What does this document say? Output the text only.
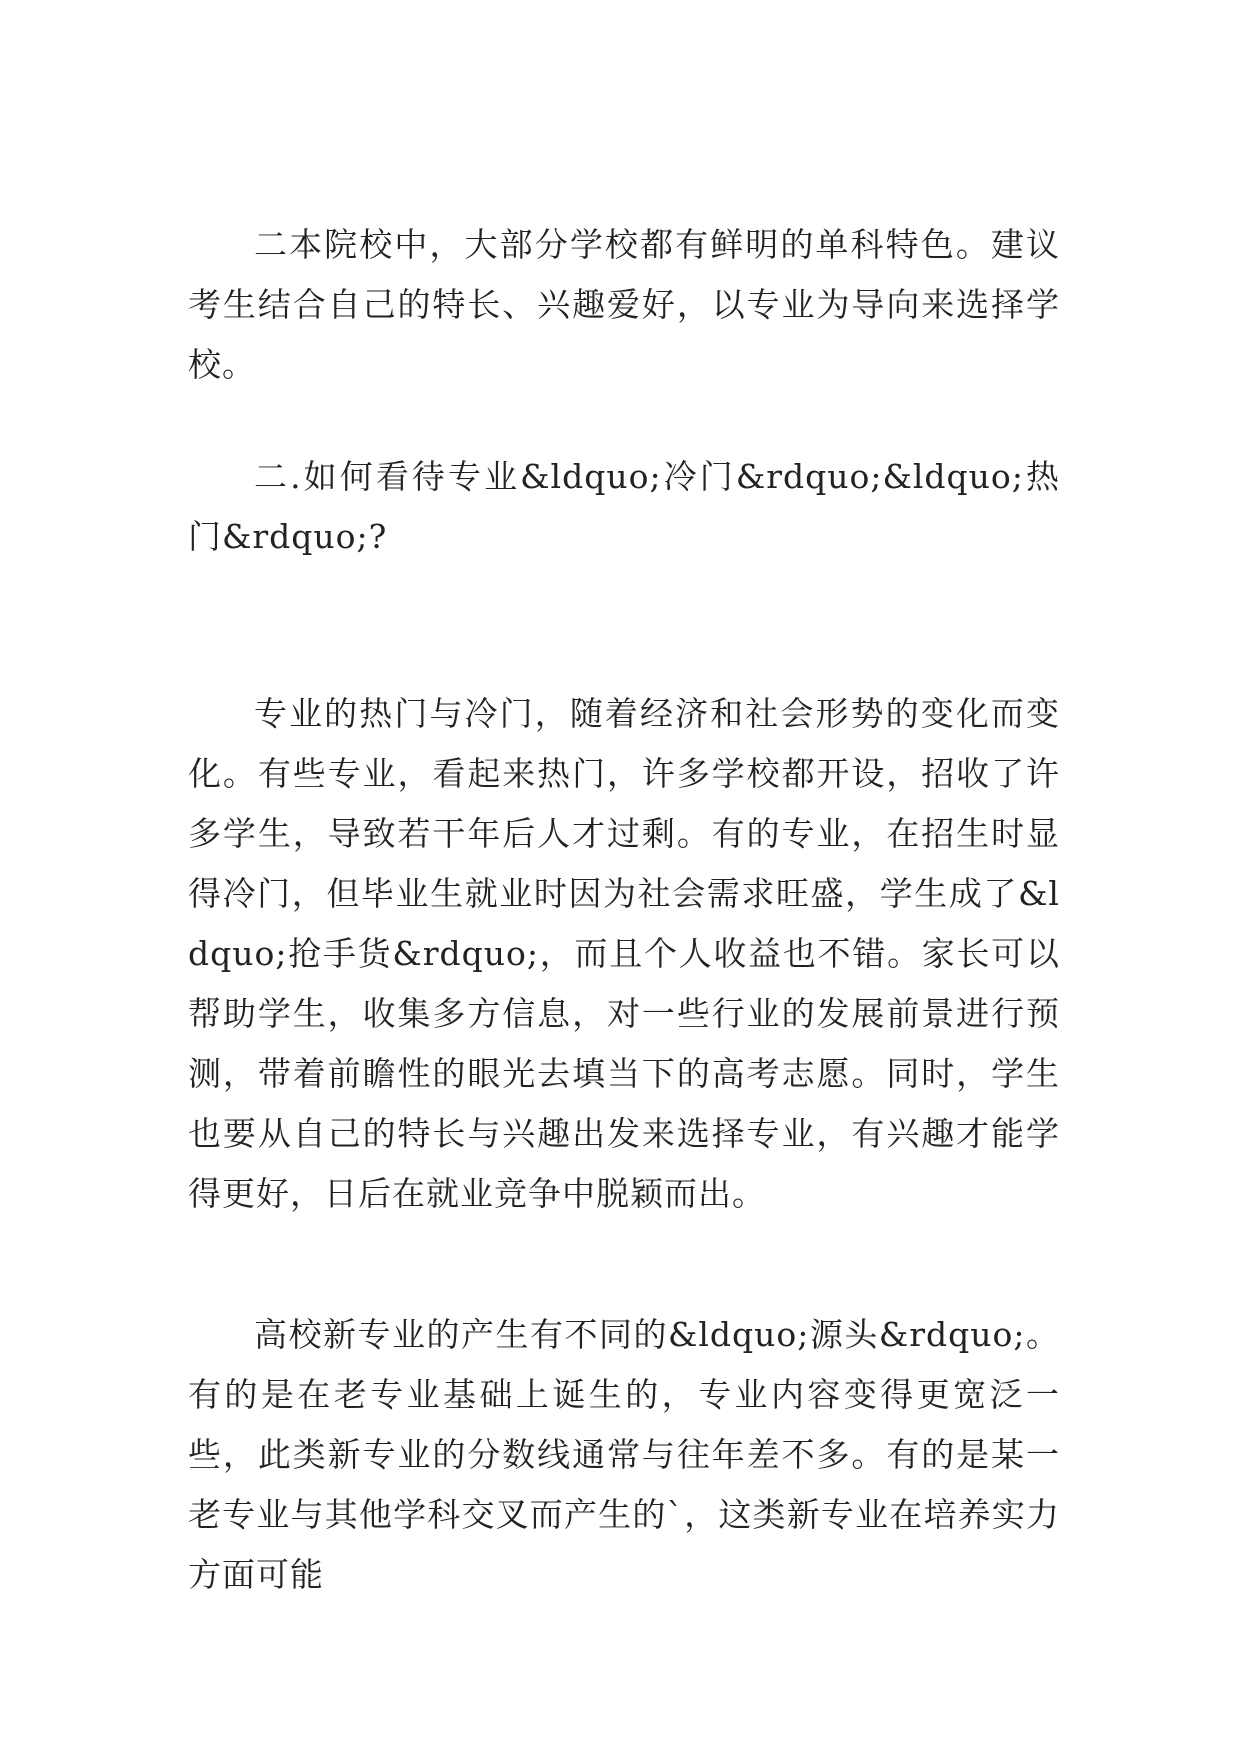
二本院校中，大部分学校都有鲜明的单科特色。建议考生结合自己的特长、兴趣爱好，以专业为导向来选择学校。

二.如何看待专业&ldquo;冷门&rdquo;&ldquo;热门&rdquo;?

专业的热门与冷门，随着经济和社会形势的变化而变化。有些专业，看起来热门，许多学校都开设，招收了许多学生，导致若干年后人才过剩。有的专业，在招生时显得冷门，但毕业生就业时因为社会需求旺盛，学生成了&ldquo;抢手货&rdquo;，而且个人收益也不错。家长可以帮助学生，收集多方信息，对一些行业的发展前景进行预测，带着前瞻性的眼光去填当下的高考志愿。同时，学生也要从自己的特长与兴趣出发来选择专业，有兴趣才能学得更好，日后在就业竞争中脱颖而出。

高校新专业的产生有不同的&ldquo;源头&rdquo;。有的是在老专业基础上诞生的，专业内容变得更宽泛一些，此类新专业的分数线通常与往年差不多。有的是某一老专业与其他学科交叉而产生的`，这类新专业在培养实力方面可能
